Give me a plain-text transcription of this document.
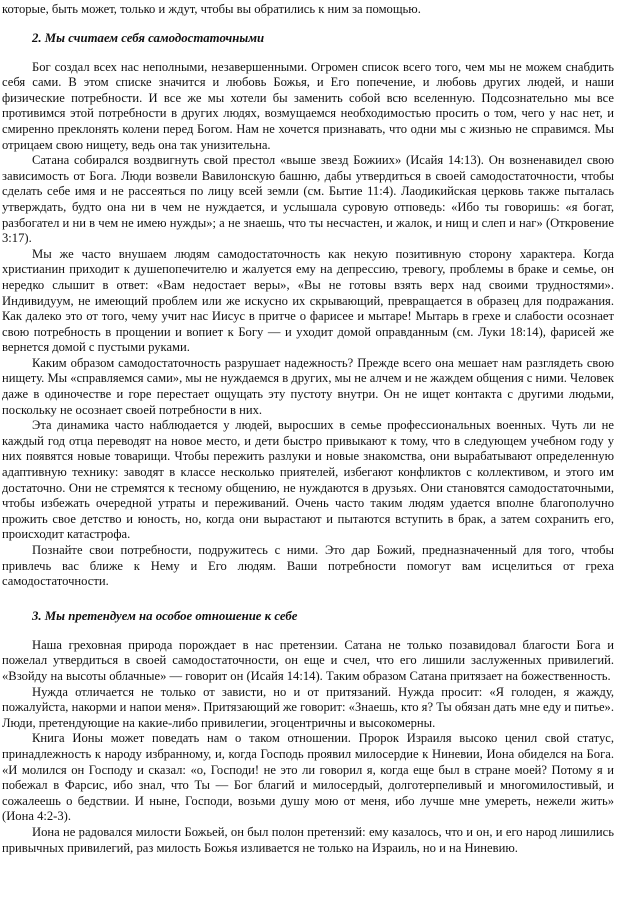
которые, быть может, только и ждут, чтобы вы обратились к ним за помощью.

2. Мы считаем себя самодостаточными

Бог создал всех нас неполными, незавершенными. Огромен список всего того, чем мы не можем снабдить себя сами. В этом списке значится и любовь Божья, и Его попечение, и любовь других людей, и наши физические потребности. И все же мы хотели бы заменить собой всю вселенную. Подсознательно мы все противимся этой потребности в других людях, возмущаемся необходимостью просить о том, чего у нас нет, и смиренно преклонять колени перед Богом. Нам не хочется признавать, что одни мы с жизнью не справимся. Мы отрицаем свою нищету, ведь она так унизительна.

Сатана собирался воздвигнуть свой престол «выше звезд Божиих» (Исайя 14:13). Он возненавидел свою зависимость от Бога. Люди возвели Вавилонскую башню, дабы утвердиться в своей самодостаточности, чтобы сделать себе имя и не рассеяться по лицу всей земли (см. Бытие 11:4). Лаодикийская церковь также пыталась утверждать, будто она ни в чем не нуждается, и услышала суровую отповедь: «Ибо ты говоришь: «я богат, разбогател и ни в чем не имею нужды»; а не знаешь, что ты несчастен, и жалок, и нищ и слеп и наг» (Откровение 3:17).

Мы же часто внушаем людям самодостаточность как некую позитивную сторону характера. Когда христианин приходит к душепопечителю и жалуется ему на депрессию, тревогу, проблемы в браке и семье, он нередко слышит в ответ: «Вам недостает веры», «Вы не готовы взять верх над своими трудностями». Индивидуум, не имеющий проблем или же искусно их скрывающий, превращается в образец для подражания. Как далеко это от того, чему учит нас Иисус в притче о фарисее и мытаре! Мытарь в грехе и слабости осознает свою потребность в прощении и вопиет к Богу — и уходит домой оправданным (см. Луки 18:14), фарисей же вернется домой с пустыми руками.

Каким образом самодостаточность разрушает надежность? Прежде всего она мешает нам разглядеть свою нищету. Мы «справляемся сами», мы не нуждаемся в других, мы не алчем и не жаждем общения с ними. Человек даже в одиночестве и горе перестает ощущать эту пустоту внутри. Он не ищет контакта с другими людьми, поскольку не осознает своей потребности в них.

Эта динамика часто наблюдается у людей, выросших в семье профессиональных военных. Чуть ли не каждый год отца переводят на новое место, и дети быстро привыкают к тому, что в следующем учебном году у них появятся новые товарищи. Чтобы пережить разлуки и новые знакомства, они вырабатывают определенную адаптивную технику: заводят в классе несколько приятелей, избегают конфликтов с коллективом, и этого им достаточно. Они не стремятся к тесному общению, не нуждаются в друзьях. Они становятся самодостаточными, чтобы избежать очередной утраты и переживаний. Очень часто таким людям удается вполне благополучно прожить свое детство и юность, но, когда они вырастают и пытаются вступить в брак, а затем сохранить его, происходит катастрофа.

Познайте свои потребности, подружитесь с ними. Это дар Божий, предназначенный для того, чтобы привлечь вас ближе к Нему и Его людям. Ваши потребности помогут вам исцелиться от греха самодостаточности.

3. Мы претендуем на особое отношение к себе

Наша греховная природа порождает в нас претензии. Сатана не только позавидовал благости Бога и пожелал утвердиться в своей самодостаточности, он еще и счел, что его лишили заслуженных привилегий. «Взойду на высоты облачные» — говорит он (Исайя 14:14). Таким образом Сатана притязает на божественность.

Нужда отличается не только от зависти, но и от притязаний. Нужда просит: «Я голоден, я жажду, пожалуйста, накорми и напои меня». Притязающий же говорит: «Знаешь, кто я? Ты обязан дать мне еду и питье». Люди, претендующие на какие-либо привилегии, эгоцентричны и высокомерны.

Книга Ионы может поведать нам о таком отношении. Пророк Израиля высоко ценил свой статус, принадлежность к народу избранному, и, когда Господь проявил милосердие к Ниневии, Иона обиделся на Бога. «И молился он Господу и сказал: «о, Господи! не это ли говорил я, когда еще был в стране моей? Потому я и побежал в Фарсис, ибо знал, что Ты — Бог благий и милосердый, долготерпеливый и многомилостивый, и сожалеешь о бедствии. И ныне, Господи, возьми душу мою от меня, ибо лучше мне умереть, нежели жить» (Иона 4:2-3).

Иона не радовался милости Божьей, он был полон претензий: ему казалось, что и он, и его народ лишились привычных привилегий, раз милость Божья изливается не только на Израиль, но и на Ниневию.
